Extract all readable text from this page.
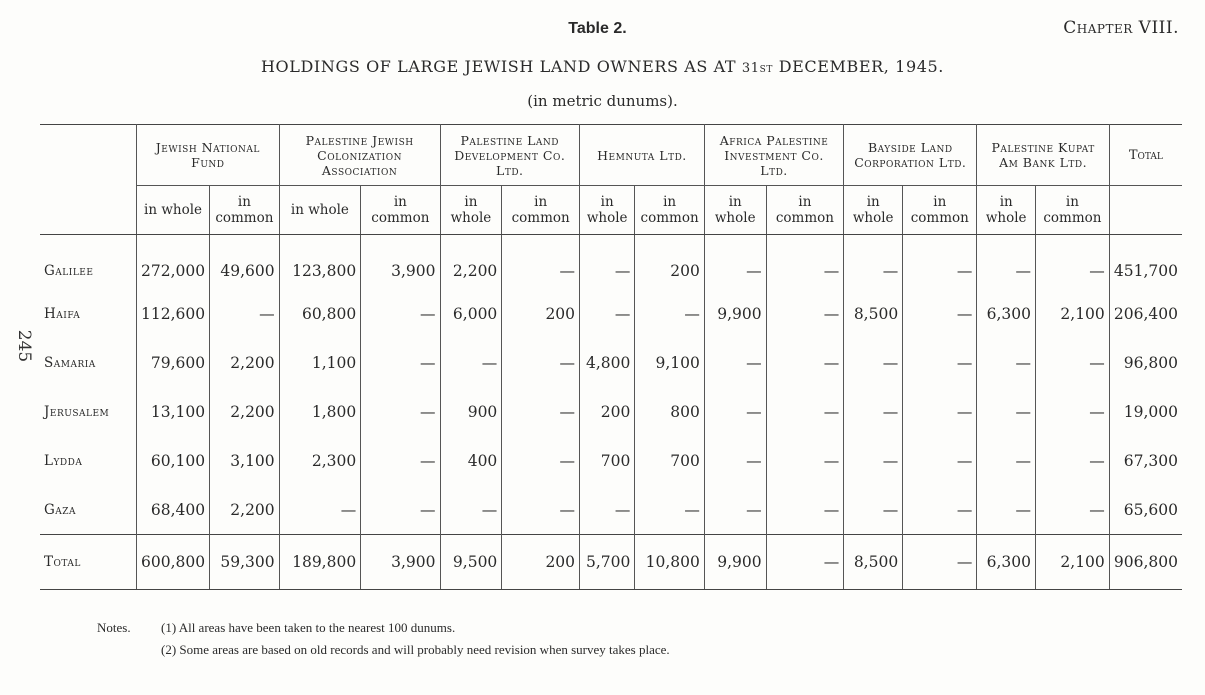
245
Table 2.	Chapter VIII.
HOLDINGS OF LARGE JEWISH LAND OWNERS AS AT 31st DECEMBER, 1945.
(in metric dunums).
	Jewish National Fund		Palestine Jewish Colonization Association		Palestine Land Development Co. Ltd.		Hemnuta Ltd.		Africa Palestine Investment Co. Ltd.		Bayside Land Corporation Ltd.		Palestine Kupat Am Bank Ltd.		Total
	in whole	in common	in whole	in common	in whole	in common	in whole	in common	in whole	in common	in whole	in common	in whole	in common	
Galilee	272,000	49,600	123,800	3,900	2,200	—	—	200	—	—	—	—	—	—	451,700
Haifa	112,600	—	60,800	—	6,000	200	—	—	9,900	—	8,500	—	6,300	2,100	206,400
Samaria	79,600	2,200	1,100	—	—	—	4,800	9,100	—	—	—	—	—	—	96,800
Jerusalem	13,100	2,200	1,800	—	900	—	200	800	—	—	—	—	—	—	19,000
Lydda	60,100	3,100	2,300	—	400	—	700	700	—	—	—	—	—	—	67,300
Gaza	68,400	2,200	—	—	—	—	—	—	—	—	—	—	—	—	65,600
Total	600,800	59,300	189,800	3,900	9,500	200	5,700	10,800	9,900	—	8,500	—	6,300	2,100	906,800
Notes. (1) All areas have been taken to the nearest 100 dunums.
(2) Some areas are based on old records and will probably need revision when survey takes place.
